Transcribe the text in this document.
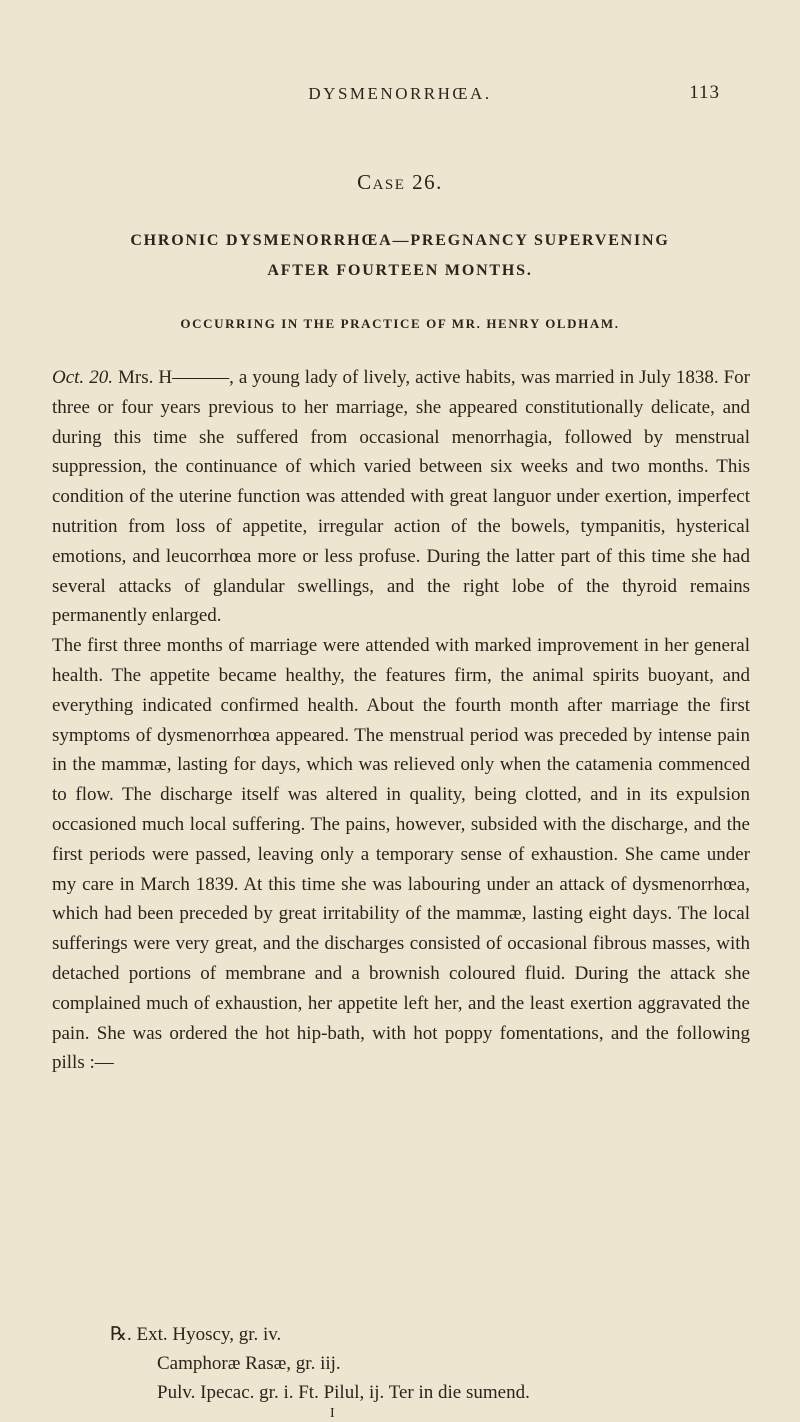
DYSMENORRHŒA.	113
Case 26.
CHRONIC DYSMENORRHŒA—PREGNANCY SUPERVENING
AFTER FOURTEEN MONTHS.
OCCURRING IN THE PRACTICE OF MR. HENRY OLDHAM.

Oct. 20. Mrs. H———, a young lady of lively, active habits, was married in July 1838. For three or four years previous to her marriage, she appeared constitutionally delicate, and during this time she suffered from occasional menorrhagia, followed by menstrual suppression, the continuance of which varied between six weeks and two months. This condition of the uterine function was attended with great languor under exertion, imperfect nutrition from loss of appetite, irregular action of the bowels, tympanitis, hysterical emotions, and leucorrhœa more or less profuse. During the latter part of this time she had several attacks of glandular swellings, and the right lobe of the thyroid remains permanently enlarged.

The first three months of marriage were attended with marked improvement in her general health. The appetite became healthy, the features firm, the animal spirits buoyant, and everything indicated confirmed health. About the fourth month after marriage the first symptoms of dysmenorrhœa appeared. The menstrual period was preceded by intense pain in the mammæ, lasting for days, which was relieved only when the catamenia commenced to flow. The discharge itself was altered in quality, being clotted, and in its expulsion occasioned much local suffering. The pains, however, subsided with the discharge, and the first periods were passed, leaving only a temporary sense of exhaustion. She came under my care in March 1839. At this time she was labouring under an attack of dysmenorrhœa, which had been preceded by great irritability of the mammæ, lasting eight days. The local sufferings were very great, and the discharges consisted of occasional fibrous masses, with detached portions of membrane and a brownish coloured fluid. During the attack she complained much of exhaustion, her appetite left her, and the least exertion aggravated the pain. She was ordered the hot hip-bath, with hot poppy fomentations, and the following pills :—

℞. Ext. Hyoscy, gr. iv.
Camphoræ Rasæ, gr. iij.
Pulv. Ipecac. gr. i. Ft. Pilul, ij. Ter in die sumend.
I
